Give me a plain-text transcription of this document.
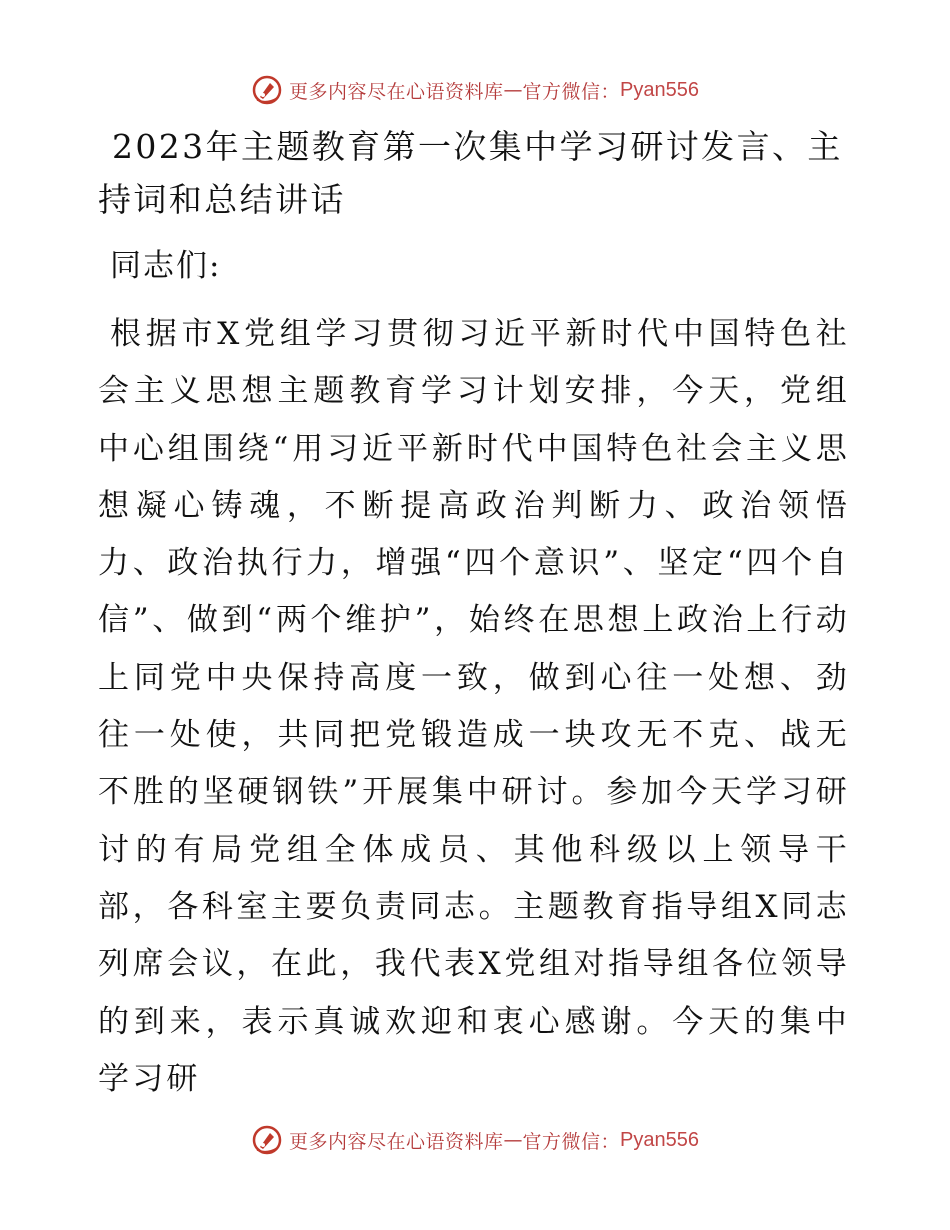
更多内容尽在心语资料库 — 官方微信： Pyan556
2023年主题教育第一次集中学习研讨发言、主持词和总结讲话

同志们:

根据市X党组学习贯彻习近平新时代中国特色社会主义思想主题教育学习计划安排，今天，党组中心组围绕“用习近平新时代中国特色社会主义思想凝心铸魂，不断提高政治判断力、政治领悟力、政治执行力，增强“四个意识”、坚定“四个自信”、做到“两个维护”，始终在思想上政治上行动上同党中央保持高度一致，做到心往一处想、劲往一处使，共同把党锻造成一块攻无不克、战无不胜的坚硬钢铁”开展集中研讨。参加今天学习研讨的有局党组全体成员、其他科级以上领导干部，各科室主要负责同志。主题教育指导组X同志列席会议，在此，我代表X党组对指导组各位领导的到来，表示真诚欢迎和衷心感谢。今天的集中学习研

更多内容尽在心语资料库 — 官方微信： Pyan556
